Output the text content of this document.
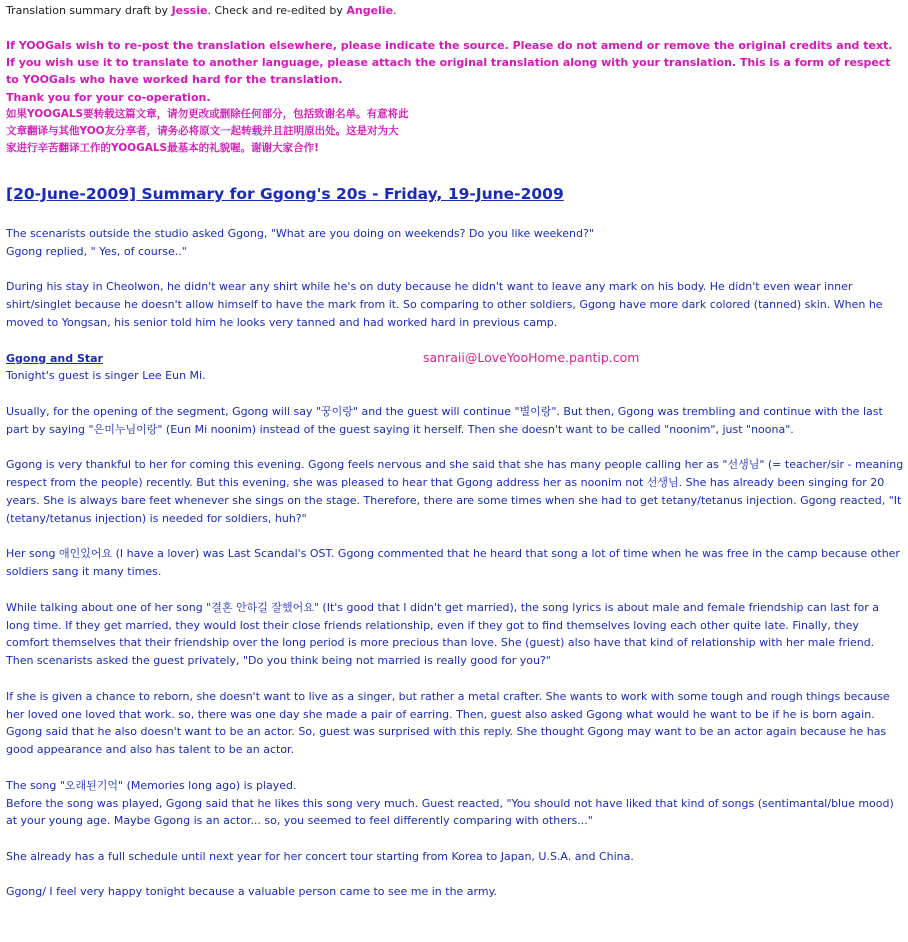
Translation summary draft by Jessie. Check and re-edited by Angelie.
If YOOGals wish to re-post the translation elsewhere, please indicate the source. Please do not amend or remove the original credits and text. If you wish use it to translate to another language, please attach the original translation along with your translation. This is a form of respect to YOOGals who have worked hard for the translation.
Thank you for your co-operation.
如果YOOGALS要转载这篇文章，请勿更改或删除任何部分，包括致谢名单。有意将此
文章翻译与其他YOO友分享者，请务必将原文一起转载并且註明原出处。这是对为大
家进行辛苦翻译工作的YOOGALS最基本的礼貌喔。谢谢大家合作!
[20-June-2009] Summary for Ggong's 20s - Friday, 19-June-2009

The scenarists outside the studio asked Ggong, "What are you doing on weekends? Do you like weekend?"

Ggong replied, " Yes, of course.."

During his stay in Cheolwon, he didn't wear any shirt while he's on duty because he didn't want to leave any mark on his body. He didn't even wear inner shirt/singlet because he doesn't allow himself to have the mark from it. So comparing to other soldiers, Ggong have more dark colored (tanned) skin. When he moved to Yongsan, his senior told him he looks very tanned and had worked hard in previous camp.

Ggong and Star	sanraii@LoveYooHome.pantip.com

Tonight's guest is singer Lee Eun Mi.

Usually, for the opening of the segment, Ggong will say "꿍이랑" and the guest will continue "별이랑". But then, Ggong was trembling and continue with the last part by saying "은미누님이랑" (Eun Mi noonim) instead of the guest saying it herself. Then she doesn't want to be called "noonim", just "noona".

Ggong is very thankful to her for coming this evening. Ggong feels nervous and she said that she has many people calling her as "선생님" (= teacher/sir - meaning respect from the people) recently. But this evening, she was pleased to hear that Ggong address her as noonim not 선생님. She has already been singing for 20 years. She is always bare feet whenever she sings on the stage. Therefore, there are some times when she had to get tetany/tetanus injection. Ggong reacted, "It (tetany/tetanus injection) is needed for soldiers, huh?"

Her song 애인있어요 (I have a lover) was Last Scandal's OST. Ggong commented that he heard that song a lot of time when he was free in the camp because other soldiers sang it many times.

While talking about one of her song "결혼 안하길 잘했어요" (It's good that I didn't get married), the song lyrics is about male and female friendship can last for a long time. If they get married, they would lost their close friends relationship, even if they got to find themselves loving each other quite late. Finally, they comfort themselves that their friendship over the long period is more precious than love. She (guest) also have that kind of relationship with her male friend.

Then scenarists asked the guest privately, "Do you think being not married is really good for you?"

If she is given a chance to reborn, she doesn't want to live as a singer, but rather a metal crafter. She wants to work with some tough and rough things because her loved one loved that work. so, there was one day she made a pair of earring. Then, guest also asked Ggong what would he want to be if he is born again. Ggong said that he also doesn't want to be an actor. So, guest was surprised with this reply. She thought Ggong may want to be an actor again because he has good appearance and also has talent to be an actor.

The song "오래된기억" (Memories long ago) is played.

Before the song was played, Ggong said that he likes this song very much. Guest reacted, "You should not have liked that kind of songs (sentimantal/blue mood) at your young age. Maybe Ggong is an actor... so, you seemed to feel differently comparing with others..."

She already has a full schedule until next year for her concert tour starting from Korea to Japan, U.S.A. and China.

Ggong/ I feel very happy tonight because a valuable person came to see me in the army.
